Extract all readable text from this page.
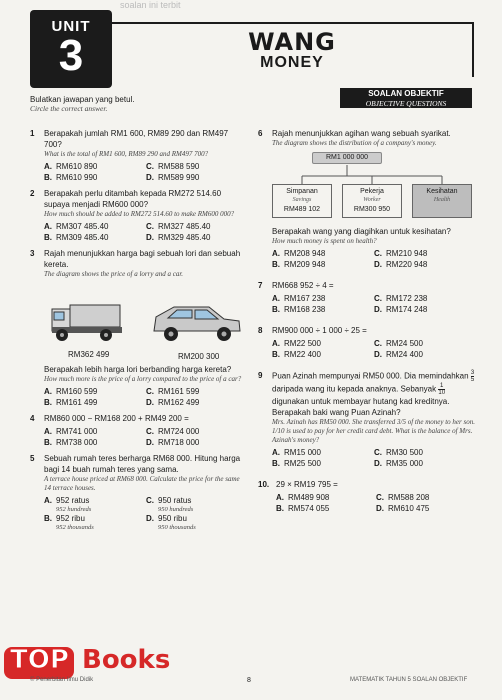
soalan ini terbit
UNIT
3	WANG
MONEY
SOALAN OBJEKTIF
OBJECTIVE QUESTIONS
Bulatkan jawapan yang betul.
Circle the correct answer.
1 Berapakah jumlah RM1 600, RM89 290 dan RM497 700?
What is the total of RM1 600, RM89 290 and RM497 700?
A. RM610 890	C. RM588 590
B. RM610 990	D. RM589 990
2 Berapakah perlu ditambah kepada RM272 514.60 supaya menjadi RM600 000?
How much should be added to RM272 514.60 to make RM600 000?
A. RM307 485.40	C. RM327 485.40
B. RM309 485.40	D. RM329 485.40
3 Rajah menunjukkan harga bagi sebuah lori dan sebuah kereta.
The diagram shows the price of a lorry and a car.
RM362 499	RM200 300
Berapakah lebih harga lori berbanding harga kereta?
How much more is the price of a lorry compared to the price of a car?
A. RM160 599	C. RM161 599
B. RM161 499	D. RM162 499
4 RM860 000 − RM168 200 + RM49 200 =
A. RM741 000	C. RM724 000
B. RM738 000	D. RM718 000
5 Sebuah rumah teres berharga RM68 000. Hitung harga bagi 14 buah rumah teres yang sama.
A terrace house priced at RM68 000. Calculate the price for the same 14 terrace houses.
A. 952 ratus
952 hundreds
C. 950 ratus
950 hundreds
B. 952 ribu
952 thousands
D. 950 ribu
950 thousands
6 Rajah menunjukkan agihan wang sebuah syarikat.
The diagram shows the distribution of a company's money.
RM1 000 000
Simpanan
Savings
RM489 102
Pekerja
Worker
RM300 950
Kesihatan
Health
Berapakah wang yang diagihkan untuk kesihatan?
How much money is spent on health?
A. RM208 948	C. RM210 948
B. RM209 948	D. RM220 948
7 RM668 952 ÷ 4 =
A. RM167 238	C. RM172 238
B. RM168 238	D. RM174 248
8 RM900 000 ÷ 1 000 ÷ 25 =
A. RM22 500	C. RM24 500
B. RM22 400	D. RM24 400
9 Puan Azinah mempunyai RM50 000. Dia memindahkan $\frac{3}{5}$
daripada wang itu kepada anaknya. Sebanyak $\frac{1}{10}$
digunakan untuk membayar hutang kad kreditnya. Berapakah baki wang Puan Azinah?
Mrs. Azinah has RM50 000. She transferred 3/5 of the money to her son. 1/10 is used to pay for her credit card debt. What is the balance of Mrs. Azinah's money?
A. RM15 000	C. RM30 500
B. RM25 500	D. RM35 000
10. 29 × RM19 795 =
A. RM489 908	C. RM588 208
B. RM574 055	D. RM610 475
TOP Books
© Penerbitan Ilmu Didik	8	MATEMATIK TAHUN 5 SOALAN OBJEKTIF
